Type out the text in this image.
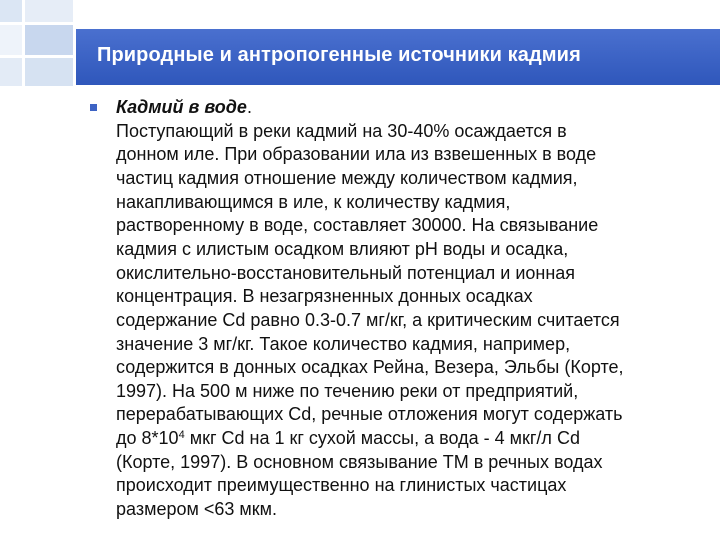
Природные и антропогенные источники кадмия
Кадмий в воде.
Поступающий в реки кадмий на 30-40% осаждается в
донном иле. При образовании ила из взвешенных в воде
частиц кадмия отношение между количеством кадмия,
накапливающимся в иле, к количеству кадмия,
растворенному в воде, составляет 30000. На связывание
кадмия с илистым осадком влияют pH воды и осадка,
окислительно-восстановительный потенциал и ионная
концентрация. В незагрязненных донных осадках
содержание Cd равно 0.3-0.7 мг/кг, а критическим считается
значение 3 мг/кг. Такое количество кадмия, например,
содержится в донных осадках Рейна, Везера, Эльбы (Корте,
1997). На 500 м ниже по течению реки от предприятий,
перерабатывающих Cd, речные отложения могут содержать
до $8*10^4$ мкг Cd на 1 кг сухой массы, а вода - 4 мкг/л Cd
(Корте, 1997). В основном связывание ТМ в речных водах
происходит преимущественно на глинистых частицах
размером <63 мкм.
